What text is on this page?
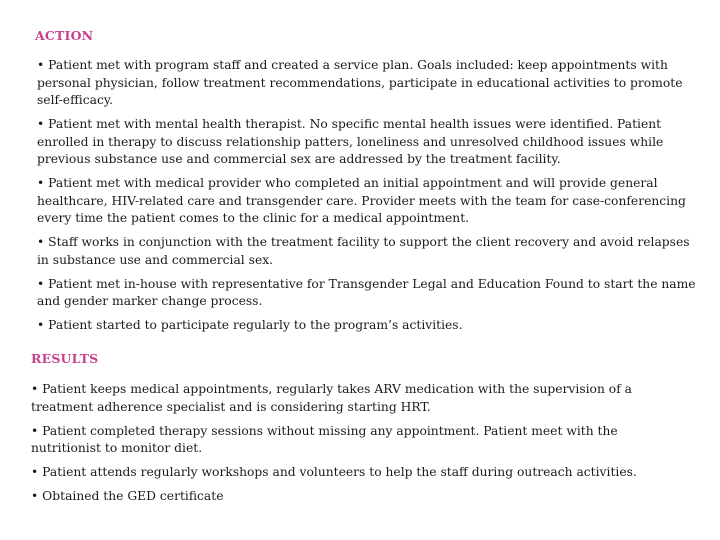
ACTION
• Patient met with program staff and created a service plan. Goals included: keep appointments with personal physician, follow treatment recommendations, participate in educational activities to promote self-efficacy.
• Patient met with mental health therapist. No specific mental health issues were identified. Patient enrolled in therapy to discuss relationship patters, loneliness and unresolved childhood issues while previous substance use and commercial sex are addressed by the treatment facility.
• Patient met with medical provider who completed an initial appointment and will provide general healthcare, HIV-related care and transgender care. Provider meets with the team for case-conferencing every time the patient comes to the clinic for a medical appointment.
• Staff works in conjunction with the treatment facility to support the client recovery and avoid relapses in substance use and commercial sex.
• Patient met in-house with representative for Transgender Legal and Education Found to start the name and gender marker change process.
• Patient started to participate regularly to the program’s activities.
RESULTS
• Patient keeps medical appointments, regularly takes ARV medication with the supervision of a treatment adherence specialist and is considering starting HRT.
• Patient completed therapy sessions without missing any appointment. Patient meet with the nutritionist to monitor diet.
• Patient attends regularly workshops and volunteers to help the staff during outreach activities.
• Obtained the GED certificate
